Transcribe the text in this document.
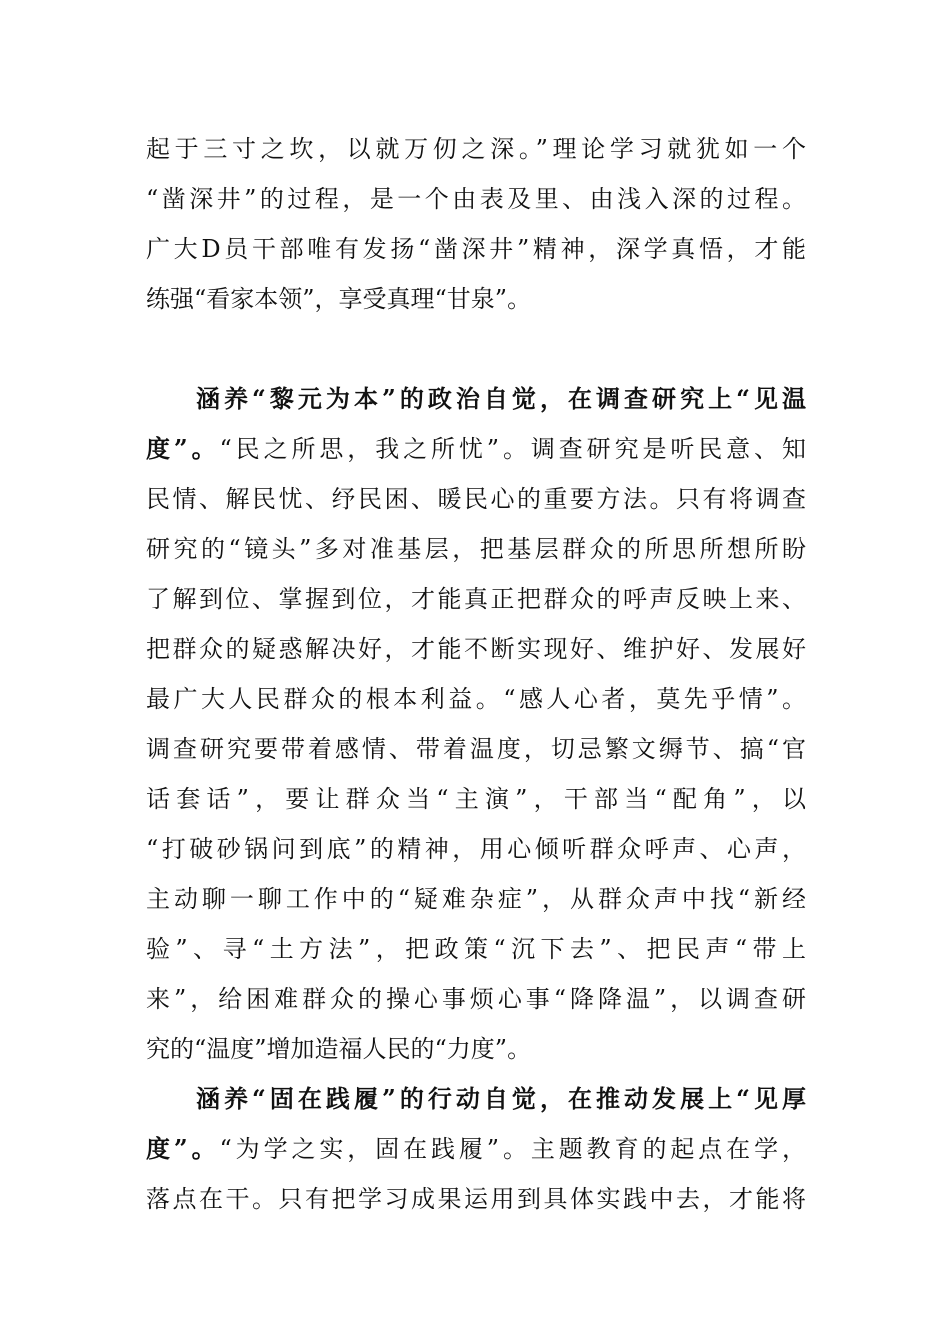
起于三寸之坎，以就万仞之深。”理论学习就犹如一个
“凿深井”的过程，是一个由表及里、由浅入深的过程。
广大D员干部唯有发扬“凿深井”精神，深学真悟，才能
练强“看家本领”，享受真理“甘泉”。
涵养“黎元为本”的政治自觉，在调查研究上“见温
度”。“民之所思，我之所忧”。调查研究是听民意、知
民情、解民忧、纾民困、暖民心的重要方法。只有将调查
研究的“镜头”多对准基层，把基层群众的所思所想所盼
了解到位、掌握到位，才能真正把群众的呼声反映上来、
把群众的疑惑解决好，才能不断实现好、维护好、发展好
最广大人民群众的根本利益。“感人心者，莫先乎情”。
调查研究要带着感情、带着温度，切忌繁文缛节、搞“官
话套话”，要让群众当“主演”，干部当“配角”，以
“打破砂锅问到底”的精神，用心倾听群众呼声、心声，
主动聊一聊工作中的“疑难杂症”，从群众声中找“新经
验”、寻“土方法”，把政策“沉下去”、把民声“带上
来”，给困难群众的操心事烦心事“降降温”，以调查研
究的“温度”增加造福人民的“力度”。
涵养“固在践履”的行动自觉，在推动发展上“见厚
度”。“为学之实，固在践履”。主题教育的起点在学，
落点在干。只有把学习成果运用到具体实践中去，才能将
